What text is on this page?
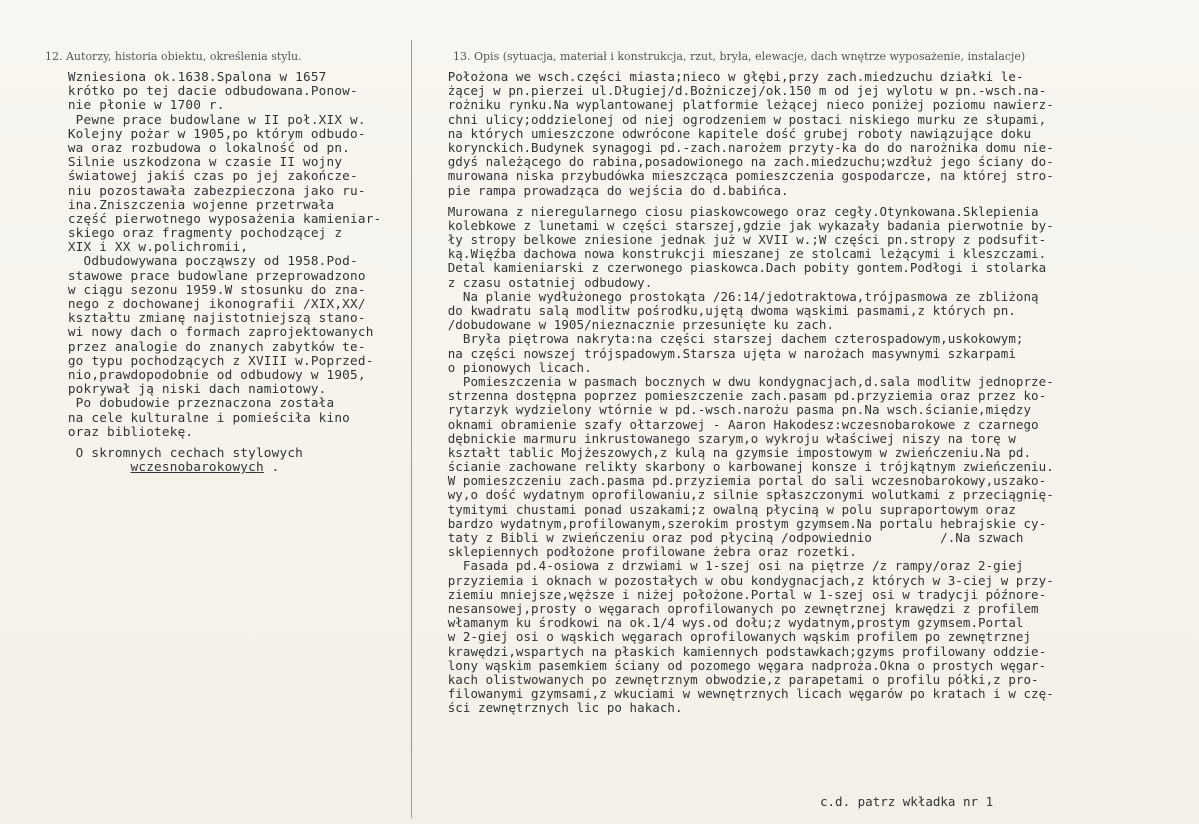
12. Autorzy, historia obiektu, określenia stylu.	13. Opis (sytuacja, materiał i konstrukcja, rzut, bryła, elewacje, dach wnętrze wyposażenie, instalacje)
Wzniesiona ok.1638.Spalona w 1657
krótko po tej dacie odbudowana.Ponow-
nie płonie w 1700 r.
Pewne prace budowlane w II poł.XIX w.
Kolejny pożar w 1905,po którym odbudo-
wa oraz rozbudowa o lokalność od pn.
Silnie uszkodzona w czasie II wojny
światowej jakiś czas po jej zakończe-
niu pozostawała zabezpieczona jako ru-
ina.Zniszczenia wojenne przetrwała
część pierwotnego wyposażenia kamieniar-
skiego oraz fragmenty pochodzącej z
XIX i XX w.polichromii,
Odbudowywana począwszy od 1958.Pod-
stawowe prace budowlane przeprowadzono
w ciągu sezonu 1959.W stosunku do zna-
nego z dochowanej ikonografii /XIX,XX/
kształtu zmianę najistotniejszą stano-
wi nowy dach o formach zaprojektowanych
przez analogie do znanych zabytków te-
go typu pochodzących z XVIII w.Poprzed-
nio,prawdopodobnie od odbudowy w 1905,
pokrywał ją niski dach namiotowy.
Po dobudowie przeznaczona została
na cele kulturalne i pomieściła kino
oraz bibliotekę.
O skromnych cechach stylowych
wczesnobarokowych .
Położona we wsch.części miasta;nieco w głębi,przy zach.miedzuchu działki le-
żącej w pn.pierzei ul.Długiej/d.Bożniczej/ok.150 m od jej wylotu w pn.-wsch.na-
rożniku rynku.Na wyplantowanej platformie leżącej nieco poniżej poziomu nawierz-
chni ulicy;oddzielonej od niej ogrodzeniem w postaci niskiego murku ze słupami,
na których umieszczone odwrócone kapitele dość grubej roboty nawiązujące doku
korynckich.Budynek synagogi pd.-zach.narożem przyty-ka do do narożnika domu nie-
gdyś należącego do rabina,posadowionego na zach.miedzuchu;wzdłuż jego ściany do-
murowana niska przybudówka mieszcząca pomieszczenia gospodarcze, na której stro-
pie rampa prowadząca do wejścia do d.babińca.
Murowana z nieregularnego ciosu piaskowcowego oraz cegły.Otynkowana.Sklepienia
kolebkowe z lunetami w części starszej,gdzie jak wykazały badania pierwotnie by-
ły stropy belkowe zniesione jednak już w XVII w.;W części pn.stropy z podsufit-
ką.Więźba dachowa nowa konstrukcji mieszanej ze stolcami leżącymi i kleszczami.
Detal kamieniarski z czerwonego piaskowca.Dach pobity gontem.Podłogi i stolarka
z czasu ostatniej odbudowy.
Na planie wydłużonego prostokąta /26:14/jedotraktowa,trójpasmowa ze zbliżoną
do kwadratu salą modlitw pośrodku,ujętą dwoma wąskimi pasmami,z których pn.
/dobudowane w 1905/nieznacznie przesunięte ku zach.
Bryła piętrowa nakryta:na części starszej dachem czterospadowym,uskokowym;
na części nowszej trójspadowym.Starsza ujęta w narożach masywnymi szkarpami
o pionowych licach.
Pomieszczenia w pasmach bocznych w dwu kondygnacjach,d.sala modlitw jednoprze-
strzenna dostępna poprzez pomieszczenie zach.pasam pd.przyziemia oraz przez ko-
rytarzyk wydzielony wtórnie w pd.-wsch.narożu pasma pn.Na wsch.ścianie,między
oknami obramienie szafy ołtarzowej - Aaron Hakodesz:wczesnobarokowe z czarnego
dębnickie marmuru inkrustowanego szarym,o wykroju właściwej niszy na torę w
kształt tablic Mojżeszowych,z kulą na gzymsie impostowym w zwieńczeniu.Na pd.
ścianie zachowane relikty skarbony o karbowanej konsze i trójkątnym zwieńczeniu.
W pomieszczeniu zach.pasma pd.przyziemia portal do sali wczesnobarokowy,uszako-
wy,o dość wydatnym oprofilowaniu,z silnie spłaszczonymi wolutkami z przeciągnię-
tymitymi chustami ponad uszakami;z owalną płyciną w polu supraportowym oraz
bardzo wydatnym,profilowanym,szerokim prostym gzymsem.Na portalu hebrajskie cy-
taty z Bibli w zwieńczeniu oraz pod płyciną /odpowiednio         /.Na szwach
sklepiennych podłożone profilowane żebra oraz rozetki.
Fasada pd.4-osiowa z drzwiami w 1-szej osi na piętrze /z rampy/oraz 2-giej
przyziemia i oknach w pozostałych w obu kondygnacjach,z których w 3-ciej w przy-
ziemiu mniejsze,węższe i niżej położone.Portal w 1-szej osi w tradycji późnore-
nesansowej,prosty o węgarach oprofilowanych po zewnętrznej krawędzi z profilem
włamanym ku środkowi na ok.1/4 wys.od dołu;z wydatnym,prostym gzymsem.Portal
w 2-giej osi o wąskich węgarach oprofilowanych wąskim profilem po zewnętrznej
krawędzi,wspartych na płaskich kamiennych podstawkach;gzyms profilowany oddzie-
lony wąskim pasemkiem ściany od pozomego węgara nadproża.Okna o prostych węgar-
kach olistwowanych po zewnętrznym obwodzie,z parapetami o profilu półki,z pro-
filowanymi gzymsami,z wkuciami w wewnętrznych licach węgarów po kratach i w czę-
ści zewnętrznych lic po hakach.
c.d. patrz wkładka nr 1
